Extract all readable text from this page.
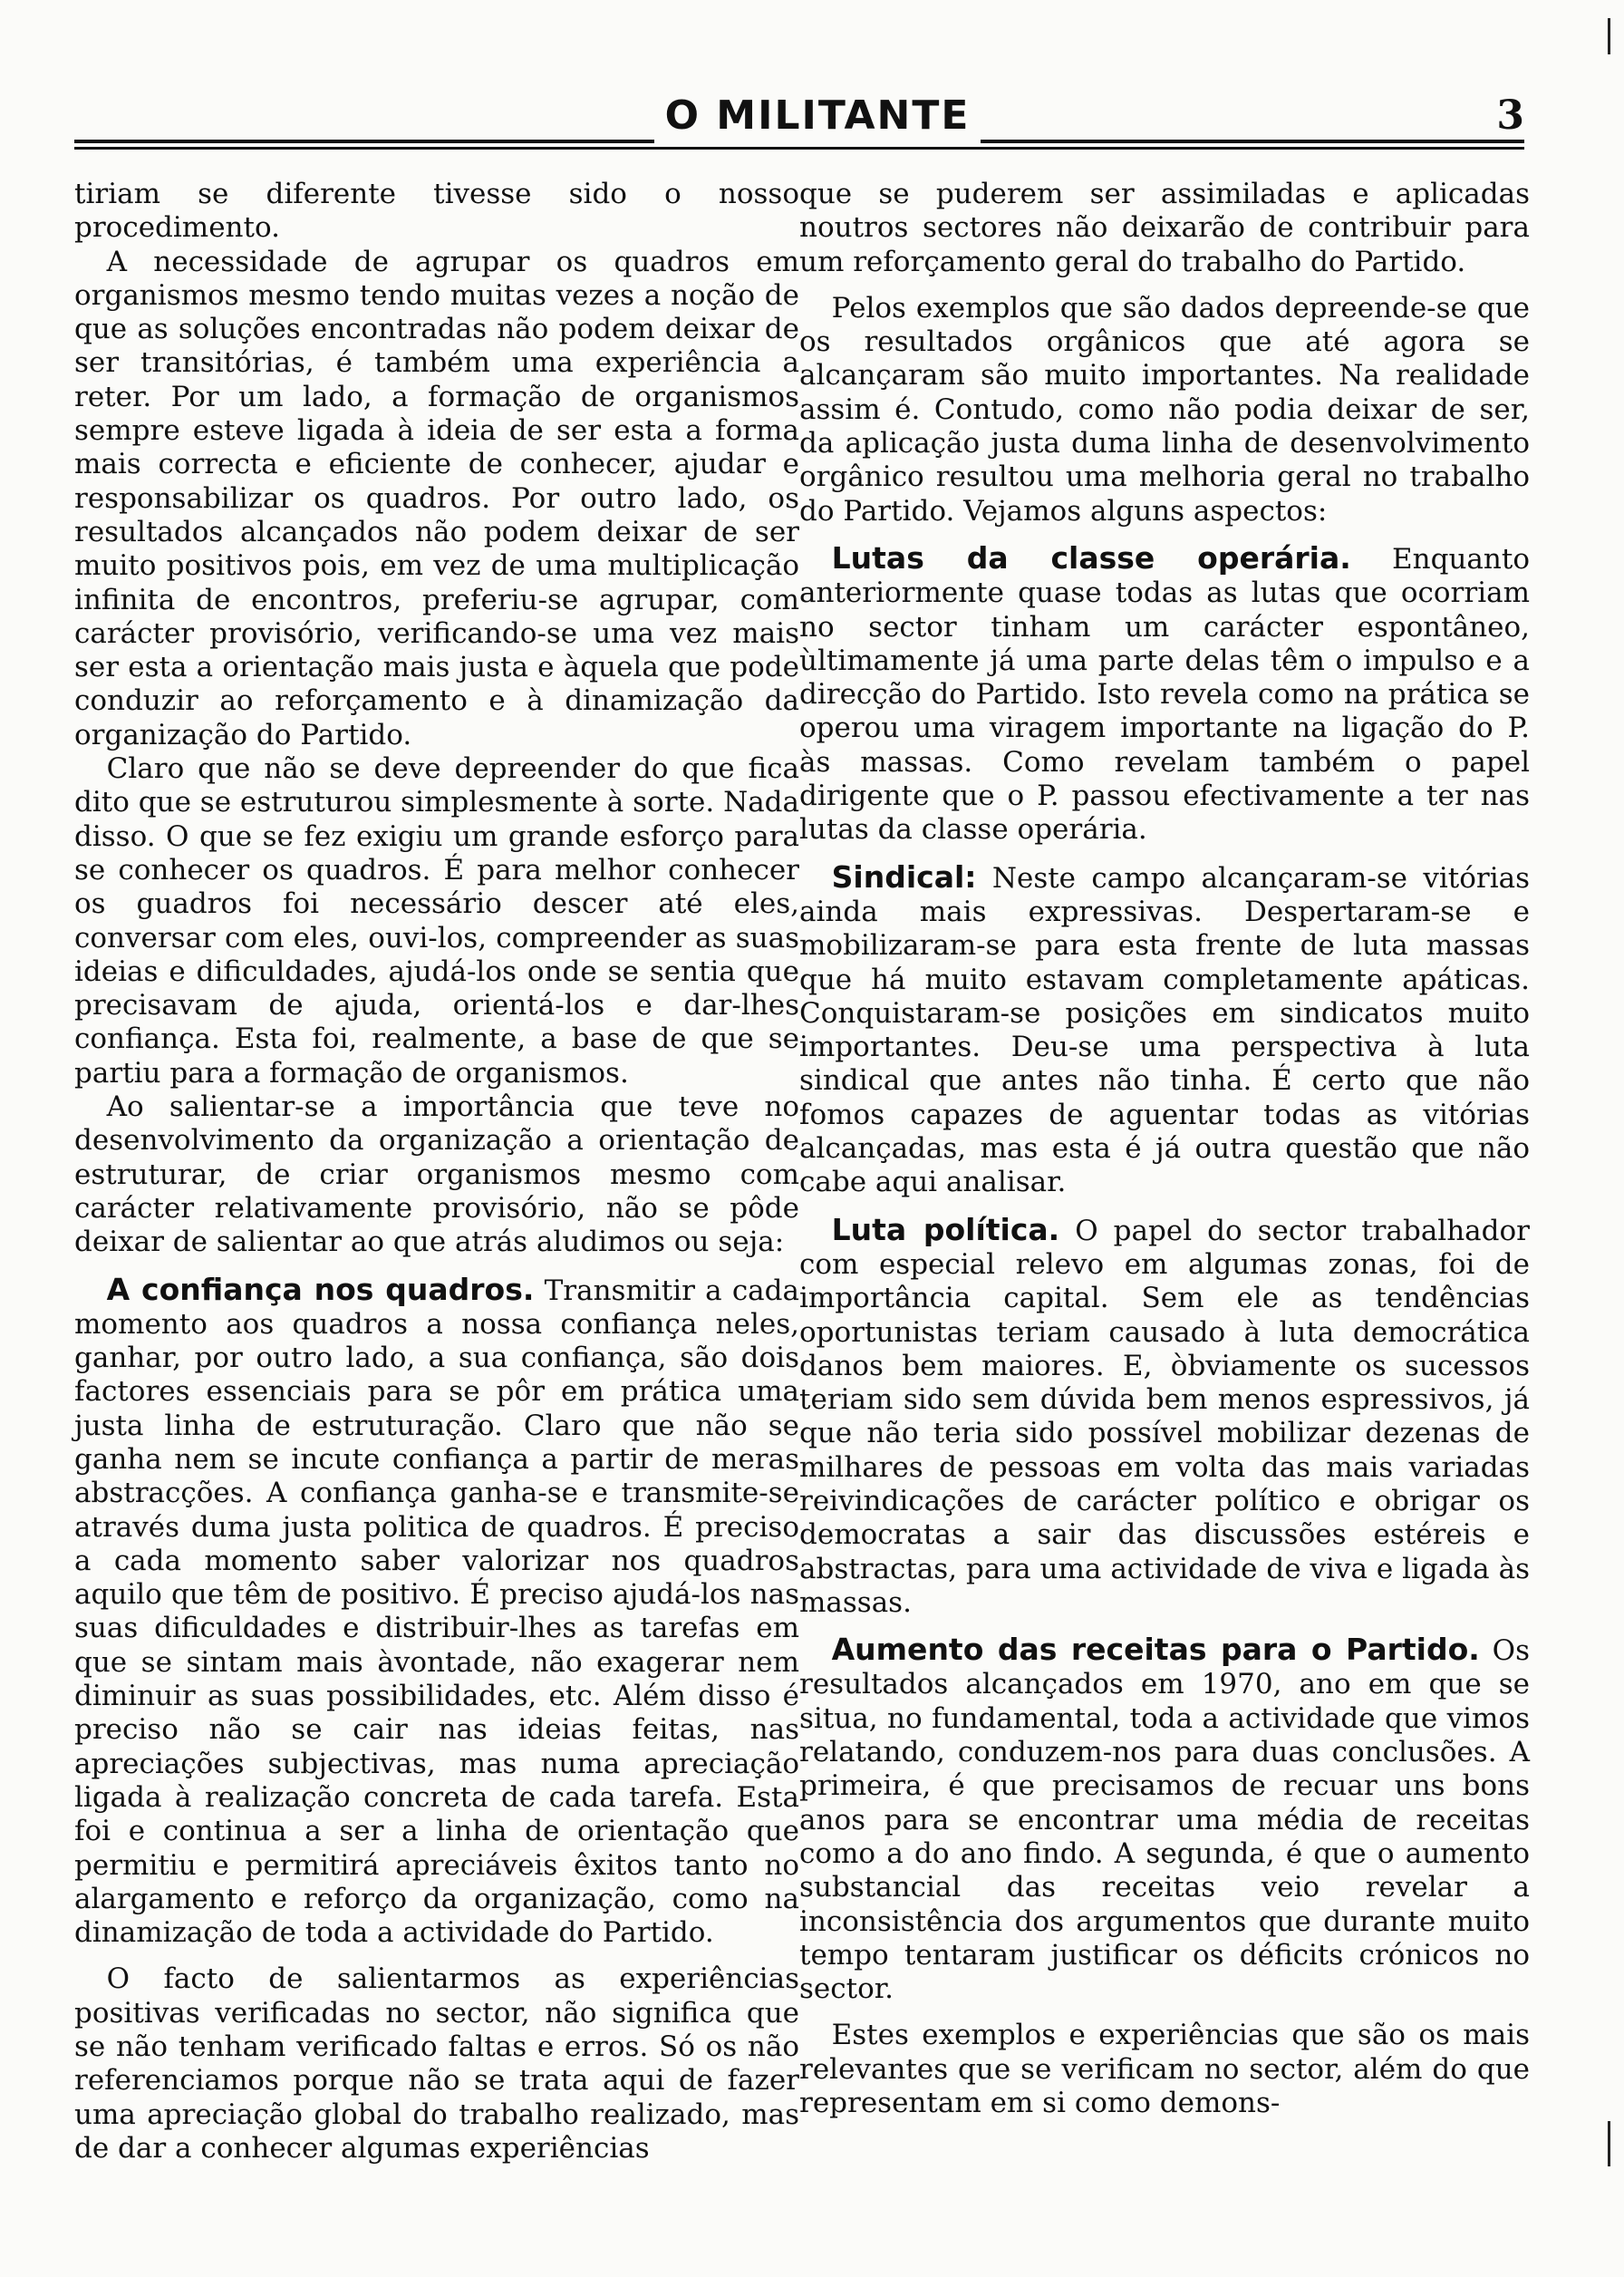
O MILITANTE	3

tiriam se diferente tivesse sido o nosso procedimento.

A necessidade de agrupar os quadros em organismos mesmo tendo muitas vezes a noção de que as soluções encontradas não podem deixar de ser transitórias, é também uma experiência a reter. Por um lado, a formação de organismos sempre esteve ligada à ideia de ser esta a forma mais correcta e eficiente de conhecer, ajudar e responsabilizar os quadros. Por outro lado, os resultados alcançados não podem deixar de ser muito positivos pois, em vez de uma multiplicação infinita de encontros, preferiu-se agrupar, com carácter provisório, verificando-se uma vez mais ser esta a orientação mais justa e àquela que pode conduzir ao reforçamento e à dinamização da organização do Partido.

Claro que não se deve depreender do que fica dito que se estruturou simplesmente à sorte. Nada disso. O que se fez exigiu um grande esforço para se conhecer os quadros. É para melhor conhecer os guadros foi necessário descer até eles, conversar com eles, ouvi-los, compreender as suas ideias e dificuldades, ajudá-los onde se sentia que precisavam de ajuda, orientá-los e dar-lhes confiança. Esta foi, realmente, a base de que se partiu para a formação de organismos.

Ao salientar-se a importância que teve no desenvolvimento da organização a orientação de estruturar, de criar organismos mesmo com carácter relativamente provisório, não se pôde deixar de salientar ao que atrás aludimos ou seja:

A confiança nos quadros. Transmitir a cada momento aos quadros a nossa confiança neles, ganhar, por outro lado, a sua confiança, são dois factores essenciais para se pôr em prática uma justa linha de estruturação. Claro que não se ganha nem se incute confiança a partir de meras abstracções. A confiança ganha-se e transmite-se através duma justa politica de quadros. É preciso a cada momento saber valorizar nos quadros aquilo que têm de positivo. É preciso ajudá-los nas suas dificuldades e distribuir-lhes as tarefas em que se sintam mais àvontade, não exagerar nem diminuir as suas possibilidades, etc. Além disso é preciso não se cair nas ideias feitas, nas apreciações subjectivas, mas numa apreciação ligada à realização concreta de cada tarefa. Esta foi e continua a ser a linha de orientação que permitiu e permitirá apreciáveis êxitos tanto no alargamento e reforço da organização, como na dinamização de toda a actividade do Partido.

O facto de salientarmos as experiências positivas verificadas no sector, não significa que se não tenham verificado faltas e erros. Só os não referenciamos porque não se trata aqui de fazer uma apreciação global do trabalho realizado, mas de dar a conhecer algumas experiências

que se puderem ser assimiladas e aplicadas noutros sectores não deixarão de contribuir para um reforçamento geral do trabalho do Partido.

Pelos exemplos que são dados depreende-se que os resultados orgânicos que até agora se alcançaram são muito importantes. Na realidade assim é. Contudo, como não podia deixar de ser, da aplicação justa duma linha de desenvolvimento orgânico resultou uma melhoria geral no trabalho do Partido. Vejamos alguns aspectos:

Lutas da classe operária. Enquanto anteriormente quase todas as lutas que ocorriam no sector tinham um carácter espontâneo, ùltimamente já uma parte delas têm o impulso e a direcção do Partido. Isto revela como na prática se operou uma viragem importante na ligação do P. às massas. Como revelam também o papel dirigente que o P. passou efectivamente a ter nas lutas da classe operária.

Sindical: Neste campo alcançaram-se vitórias ainda mais expressivas. Despertaram-se e mobilizaram-se para esta frente de luta massas que há muito estavam completamente apáticas. Conquistaram-se posições em sindicatos muito importantes. Deu-se uma perspectiva à luta sindical que antes não tinha. É certo que não fomos capazes de aguentar todas as vitórias alcançadas, mas esta é já outra questão que não cabe aqui analisar.

Luta política. O papel do sector trabalhador com especial relevo em algumas zonas, foi de importância capital. Sem ele as tendências oportunistas teriam causado à luta democrática danos bem maiores. E, òbviamente os sucessos teriam sido sem dúvida bem menos espressivos, já que não teria sido possível mobilizar dezenas de milhares de pessoas em volta das mais variadas reivindicações de carácter político e obrigar os democratas a sair das discussões estéreis e abstractas, para uma actividade de viva e ligada às massas.

Aumento das receitas para o Partido. Os resultados alcançados em 1970, ano em que se situa, no fundamental, toda a actividade que vimos relatando, conduzem-nos para duas conclusões. A primeira, é que precisamos de recuar uns bons anos para se encontrar uma média de receitas como a do ano findo. A segunda, é que o aumento substancial das receitas veio revelar a inconsistência dos argumentos que durante muito tempo tentaram justificar os déficits crónicos no sector.

Estes exemplos e experiências que são os mais relevantes que se verificam no sector, além do que representam em si como demons-
